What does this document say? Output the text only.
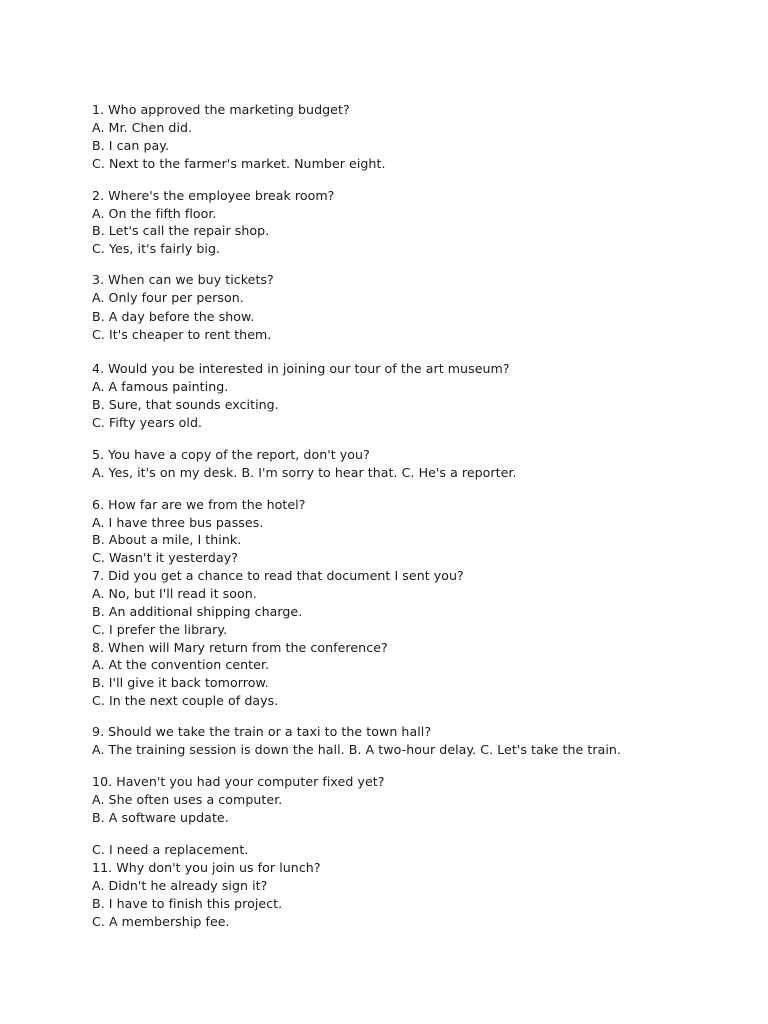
1. Who approved the marketing budget?
A. Mr. Chen did.
B. I can pay.
C. Next to the farmer's market. Number eight.
2. Where's the employee break room?
A. On the fifth floor.
B. Let's call the repair shop.
C. Yes, it's fairly big.
3. When can we buy tickets?
A. Only four per person.
B. A day before the show.
C. It's cheaper to rent them.
4. Would you be interested in joining our tour of the art museum?
A. A famous painting.
B. Sure, that sounds exciting.
C. Fifty years old.
5. You have a copy of the report, don't you?
A. Yes, it's on my desk. B. I'm sorry to hear that. C. He's a reporter.
6. How far are we from the hotel?
A. I have three bus passes.
B. About a mile, I think.
C. Wasn't it yesterday?
7. Did you get a chance to read that document I sent you?
A. No, but I'll read it soon.
B. An additional shipping charge.
C. I prefer the library.
8. When will Mary return from the conference?
A. At the convention center.
B. I'll give it back tomorrow.
C. In the next couple of days.
9. Should we take the train or a taxi to the town hall?
A. The training session is down the hall. B. A two-hour delay. C. Let's take the train.
10. Haven't you had your computer fixed yet?
A. She often uses a computer.
B. A software update.
C. I need a replacement.
11. Why don't you join us for lunch?
A. Didn't he already sign it?
B. I have to finish this project.
C. A membership fee.
